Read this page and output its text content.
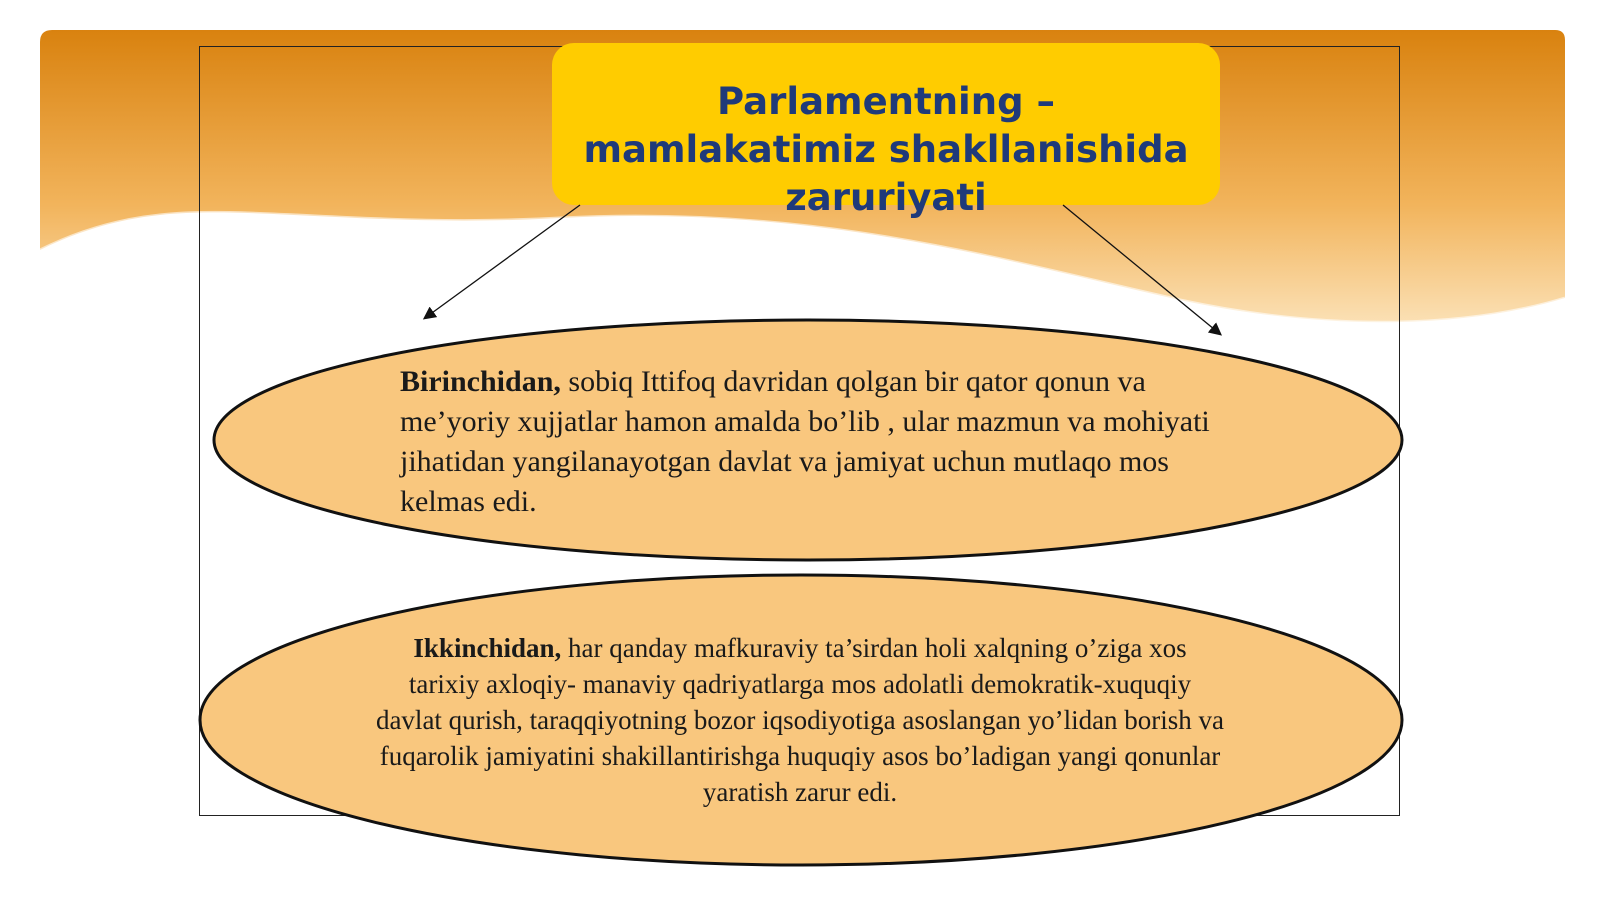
Parlamentning –
mamlakatimiz shakllanishida
zaruriyati
Birinchidan, sobiq Ittifoq davridan qolgan bir qator qonun va me’yoriy xujjatlar hamon amalda bo’lib , ular mazmun va mohiyati jihatidan yangilanayotgan davlat va jamiyat uchun mutlaqo mos kelmas edi.
Ikkinchidan, har qanday mafkuraviy ta’sirdan holi xalqning o’ziga xos tarixiy axloqiy- manaviy qadriyatlarga mos adolatli demokratik-xuquqiy davlat qurish, taraqqiyotning bozor iqsodiyotiga asoslangan yo’lidan borish va fuqarolik jamiyatini shakillantirishga huquqiy asos bo’ladigan yangi qonunlar yaratish zarur edi.
